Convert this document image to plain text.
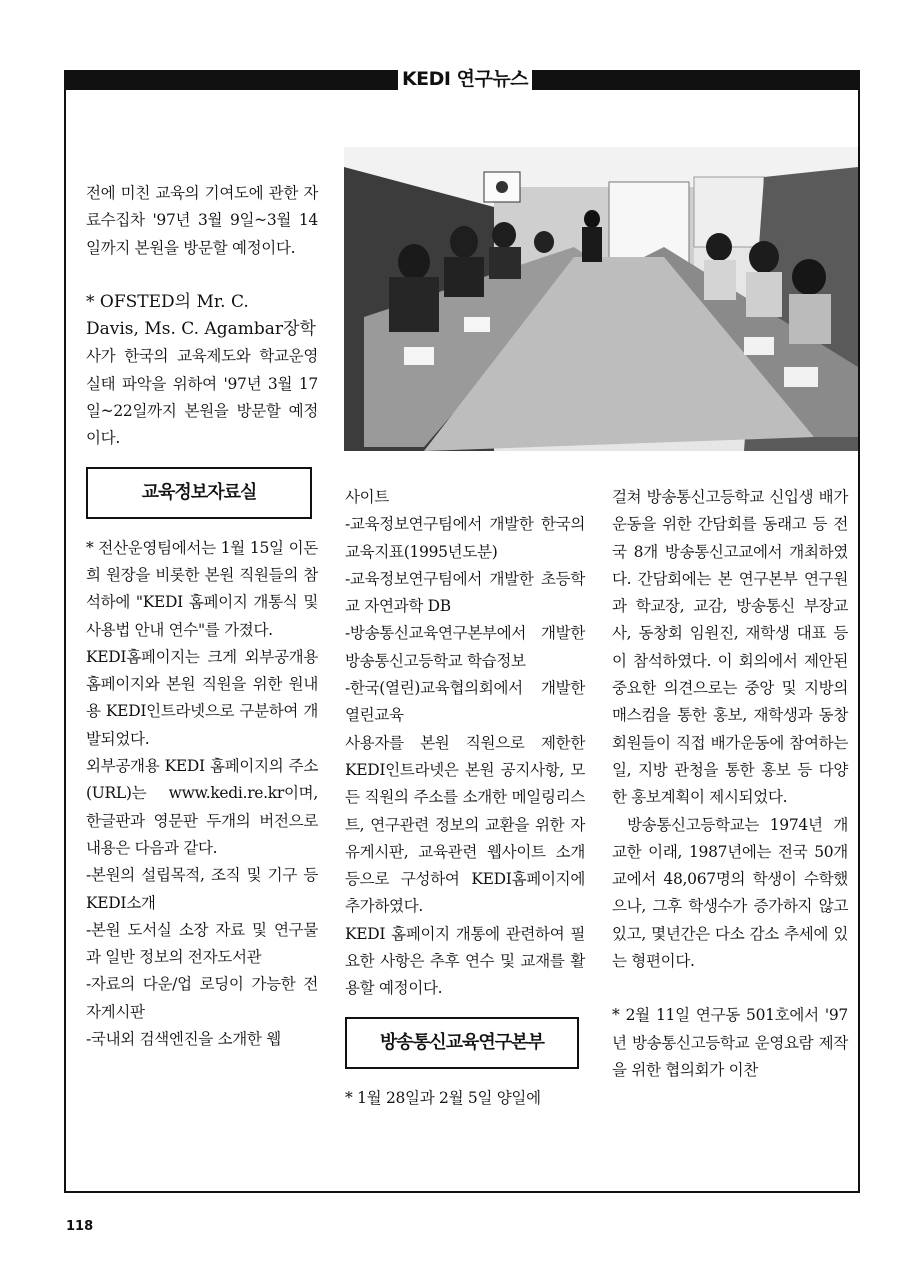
KEDI 연구뉴스

전에 미친 교육의 기여도에 관한 자료수집차 '97년 3월 9일~3월 14일까지 본원을 방문할 예정이다.

* OFSTED의 Mr. C.

Davis, Ms. C. Agambar장학

사가 한국의 교육제도와 학교운영 실태 파악을 위하여 '97년 3월 17일~22일까지 본원을 방문할 예정이다.

교육정보자료실

* 전산운영팀에서는 1월 15일 이돈희 원장을 비롯한 본원 직원들의 참석하에 "KEDI 홈페이지 개통식 및 사용법 안내 연수"를 가졌다.

KEDI홈페이지는 크게 외부공개용 홈페이지와 본원 직원을 위한 원내용 KEDI인트라넷으로 구분하여 개발되었다.

외부공개용 KEDI 홈페이지의 주소(URL)는 www.kedi.re.kr이며, 한글판과 영문판 두개의 버전으로 내용은 다음과 같다.

-본원의 설립목적, 조직 및 기구 등 KEDI소개

-본원 도서실 소장 자료 및 연구물과 일반 정보의 전자도서관

-자료의 다운/업 로딩이 가능한 전자게시판

-국내외 검색엔진을 소개한 웹

사이트

-교육정보연구팀에서 개발한 한국의 교육지표(1995년도분)

-교육정보연구팀에서 개발한 초등학교 자연과학 DB

-방송통신교육연구본부에서 개발한 방송통신고등학교 학습정보

-한국(열린)교육협의회에서 개발한 열린교육

사용자를 본원 직원으로 제한한 KEDI인트라넷은 본원 공지사항, 모든 직원의 주소를 소개한 메일링리스트, 연구관련 정보의 교환을 위한 자유게시판, 교육관련 웹사이트 소개 등으로 구성하여 KEDI홈페이지에 추가하였다.

KEDI 홈페이지 개통에 관련하여 필요한 사항은 추후 연수 및 교재를 활용할 예정이다.

방송통신교육연구본부

* 1월 28일과 2월 5일 양일에

걸쳐 방송통신고등학교 신입생 배가운동을 위한 간담회를 동래고 등 전국 8개 방송통신고교에서 개최하였다. 간담회에는 본 연구본부 연구원과 학교장, 교감, 방송통신 부장교사, 동창회 임원진, 재학생 대표 등이 참석하였다. 이 회의에서 제안된 중요한 의견으로는 중앙 및 지방의 매스컴을 통한 홍보, 재학생과 동창회원들이 직접 배가운동에 참여하는 일, 지방 관청을 통한 홍보 등 다양한 홍보계획이 제시되었다.

방송통신고등학교는 1974년 개교한 이래, 1987년에는 전국 50개교에서 48,067명의 학생이 수학했으나, 그후 학생수가 증가하지 않고 있고, 몇년간은 다소 감소 추세에 있는 형편이다.

* 2월 11일 연구동 501호에서 '97년 방송통신고등학교 운영요람 제작을 위한 협의회가 이찬

118
